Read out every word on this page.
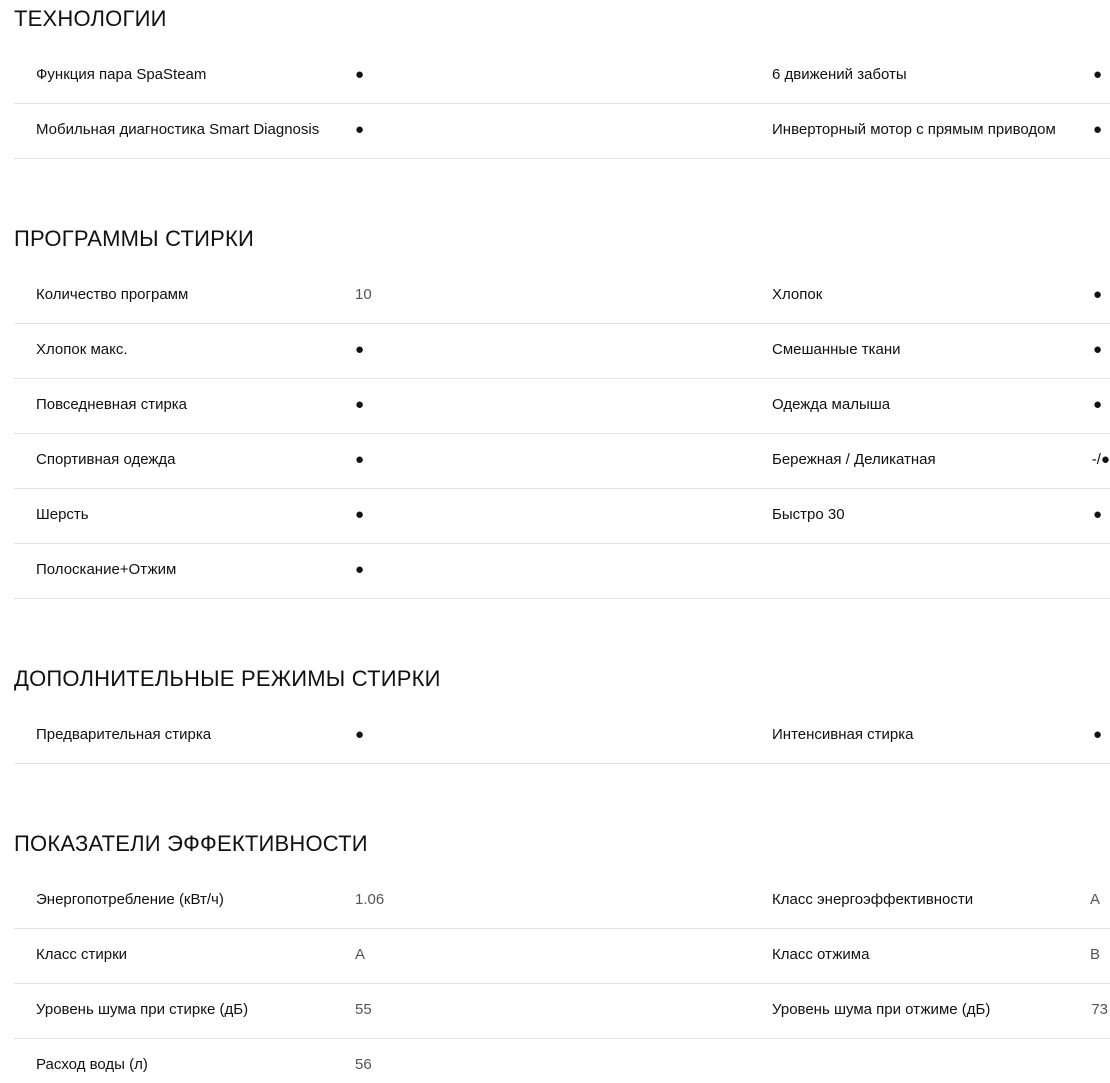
ТЕХНОЛОГИИ
Функция пара SpaSteam	●	6 движений заботы	●
Мобильная диагностика Smart Diagnosis ●	Инверторный мотор с прямым приводом ●
ПРОГРАММЫ СТИРКИ
Количество программ	10	Хлопок	●
Хлопок макс.	●	Смешанные ткани	●
Повседневная стирка	●	Одежда малыша	●
Спортивная одежда	●	Бережная / Деликатная	-/●
Шерсть	●	Быстро 30	●
Полоскание+Отжим	●
ДОПОЛНИТЕЛЬНЫЕ РЕЖИМЫ СТИРКИ
Предварительная стирка	●	Интенсивная стирка	●
ПОКАЗАТЕЛИ ЭФФЕКТИВНОСТИ
Энергопотребление (кВт/ч)	1.06	Класс энергоэффективности	A
Класс стирки	A	Класс отжима	B
Уровень шума при стирке (дБ)	55	Уровень шума при отжиме (дБ)	73
Расход воды (л)	56
